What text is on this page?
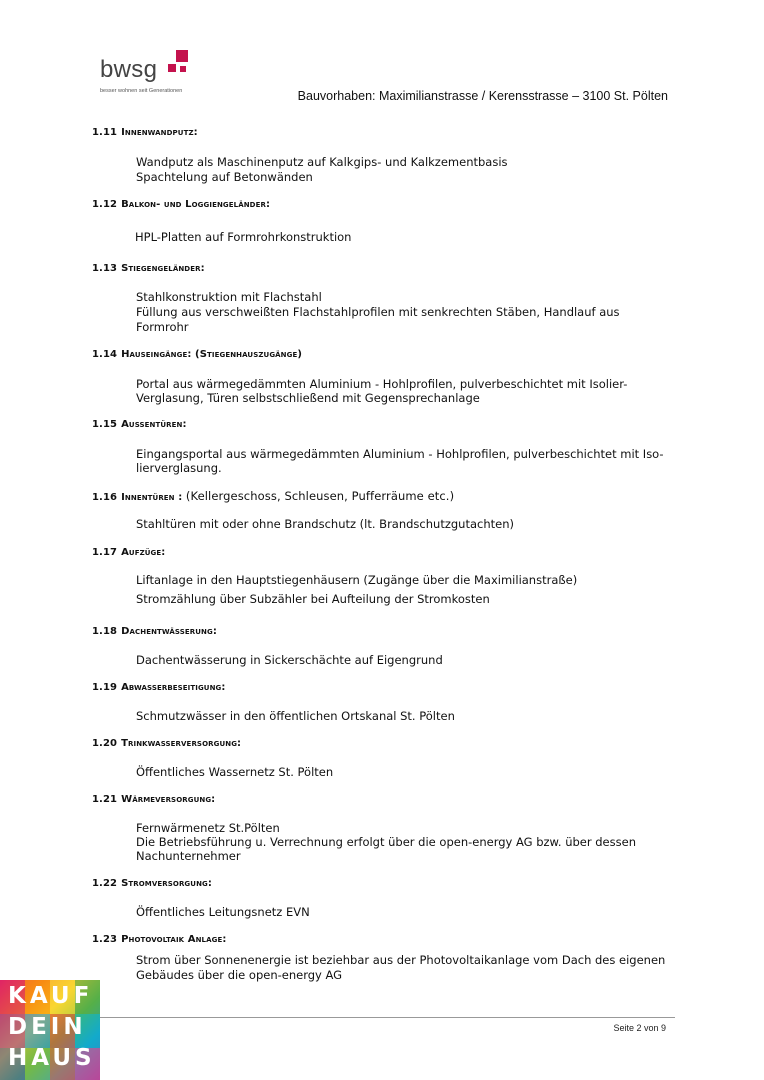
bwsg
besser wohnen seit Generationen	Bauvorhaben: Maximilianstrasse / Kerensstrasse – 3100 St. Pölten
1.11 Innenwandputz:
Wandputz als Maschinenputz auf Kalkgips- und Kalkzementbasis
Spachtelung auf Betonwänden
1.12 Balkon- und Loggiengeländer:
HPL-Platten auf Formrohrkonstruktion
1.13 Stiegengeländer:
Stahlkonstruktion mit Flachstahl
Füllung aus verschweißten Flachstahlprofilen mit senkrechten Stäben, Handlauf aus
Formrohr
1.14 Hauseingänge: (Stiegenhauszugänge)
Portal aus wärmegedämmten Aluminium - Hohlprofilen, pulverbeschichtet mit Isolier-
Verglasung, Türen selbstschließend mit Gegensprechanlage
1.15 Aussentüren:
Eingangsportal aus wärmegedämmten Aluminium - Hohlprofilen, pulverbeschichtet mit Iso-
lierverglasung.
1.16 Innentüren : (Kellergeschoss, Schleusen, Pufferräume etc.)
Stahltüren mit oder ohne Brandschutz (lt. Brandschutzgutachten)
1.17 Aufzüge:
Liftanlage in den Hauptstiegenhäusern (Zugänge über die Maximilianstraße)
Stromzählung über Subzähler bei Aufteilung der Stromkosten
1.18 Dachentwässerung:
Dachentwässerung in Sickerschächte auf Eigengrund
1.19 Abwasserbeseitigung:
Schmutzwässer in den öffentlichen Ortskanal St. Pölten
1.20 Trinkwasserversorgung:
Öffentliches Wassernetz St. Pölten
1.21 Wärmeversorgung:
Fernwärmenetz St.Pölten
Die Betriebsführung u. Verrechnung erfolgt über die open-energy AG bzw. über dessen
Nachunternehmer
1.22 Stromversorgung:
Öffentliches Leitungsnetz EVN
1.23 Photovoltaik Anlage:
Strom über Sonnenenergie ist beziehbar aus der Photovoltaikanlage vom Dach des eigenen
Gebäudes über die open-energy AG
Seite 2 von 9
KAUF
DEIN
HAUS
